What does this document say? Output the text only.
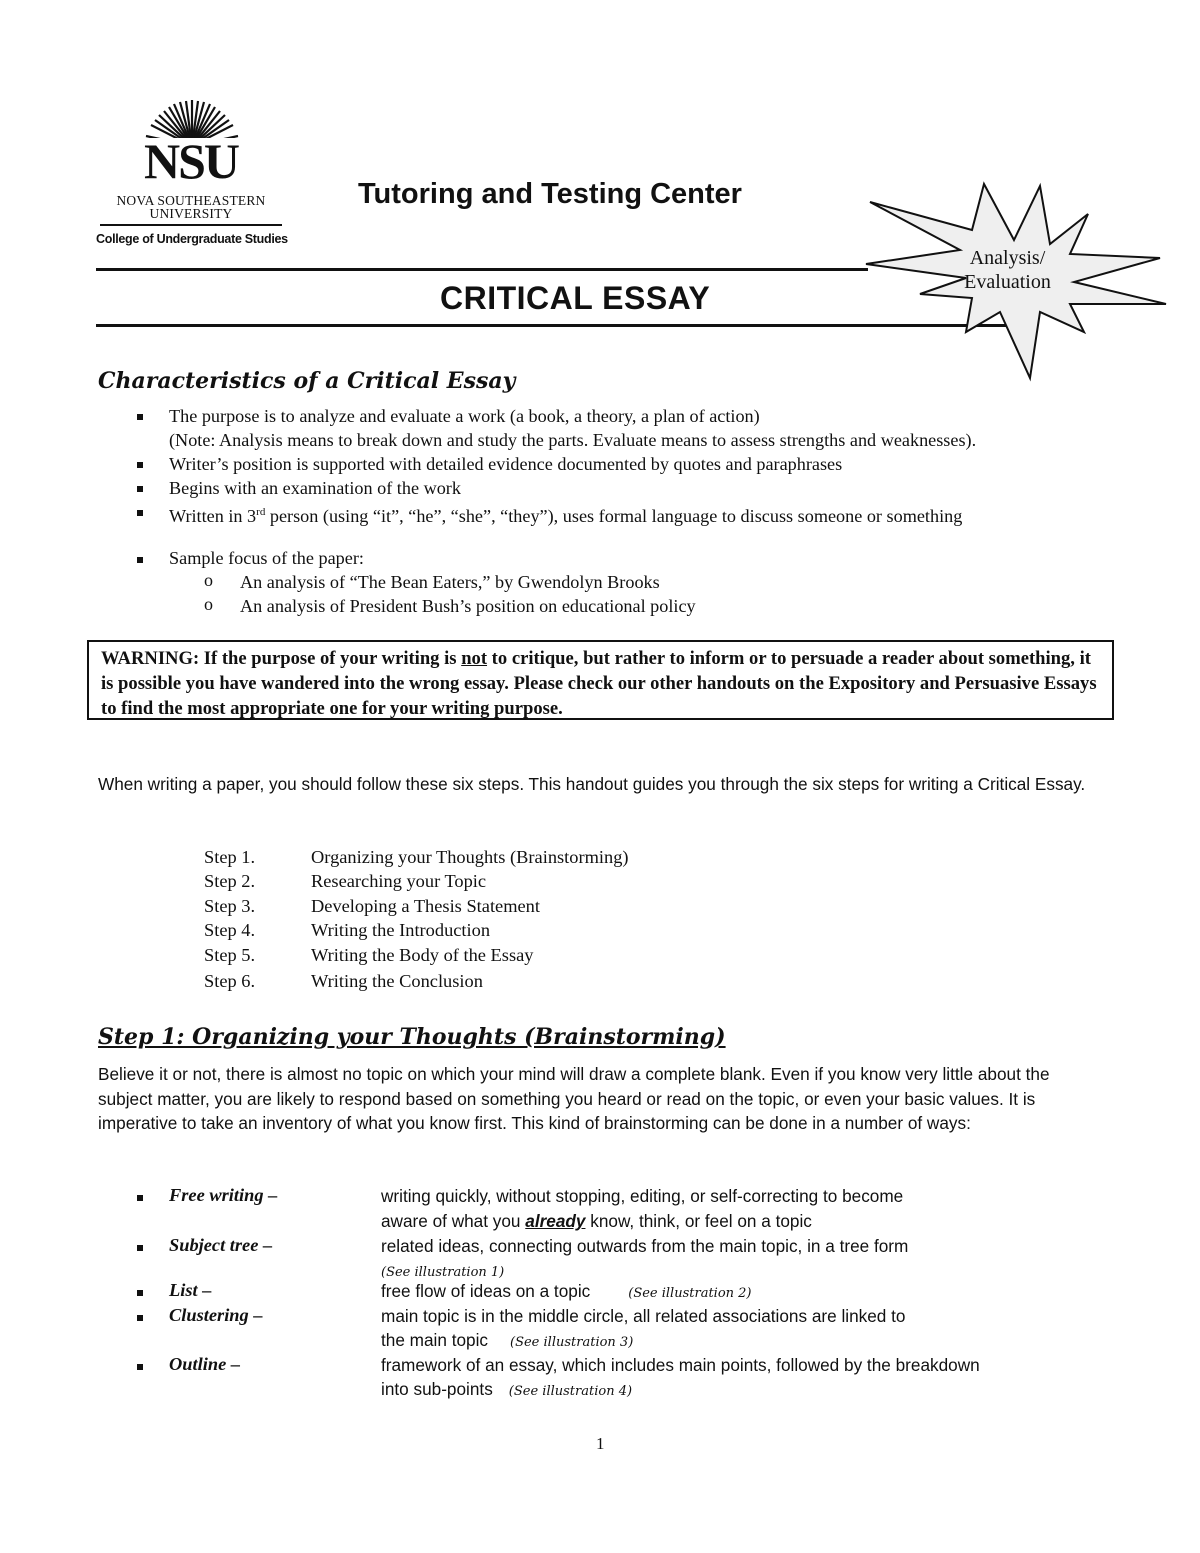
NSU
NOVA SOUTHEASTERN
UNIVERSITY
College of Undergraduate Studies
Tutoring and Testing Center
CRITICAL ESSAY
Analysis/
Evaluation
Characteristics of a Critical Essay
The purpose is to analyze and evaluate a work (a book, a theory, a plan of action)
(Note: Analysis means to break down and study the parts. Evaluate means to assess strengths and weaknesses).
Writer’s position is supported with detailed evidence documented by quotes and paraphrases
Begins with an examination of the work
Written in 3rd person (using “it”, “he”, “she”, “they”), uses formal language to discuss someone or something
Sample focus of the paper:
o An analysis of “The Bean Eaters,” by Gwendolyn Brooks
o An analysis of President Bush’s position on educational policy
WARNING: If the purpose of your writing is not to critique, but rather to inform or to persuade a reader about something, it is possible you have wandered into the wrong essay. Please check our other handouts on the Expository and Persuasive Essays to find the most appropriate one for your writing purpose.
When writing a paper, you should follow these six steps. This handout guides you through the six steps for writing a Critical Essay.
Step 1.	Organizing your Thoughts (Brainstorming)
Step 2.	Researching your Topic
Step 3.	Developing a Thesis Statement
Step 4.	Writing the Introduction
Step 5.	Writing the Body of the Essay
Step 6.	Writing the Conclusion
Step 1: Organizing your Thoughts (Brainstorming)
Believe it or not, there is almost no topic on which your mind will draw a complete blank. Even if you know very little about the subject matter, you are likely to respond based on something you heard or read on the topic, or even your basic values. It is imperative to take an inventory of what you know first. This kind of brainstorming can be done in a number of ways:
Free writing –	writing quickly, without stopping, editing, or self-correcting to become
aware of what you already know, think, or feel on a topic
Subject tree –	related ideas, connecting outwards from the main topic, in a tree form
(See illustration 1)
List –	free flow of ideas on a topic	(See illustration 2)
Clustering –	main topic is in the middle circle, all related associations are linked to
the main topic (See illustration 3)
Outline –	framework of an essay, which includes main points, followed by the breakdown
into sub-points (See illustration 4)
1
